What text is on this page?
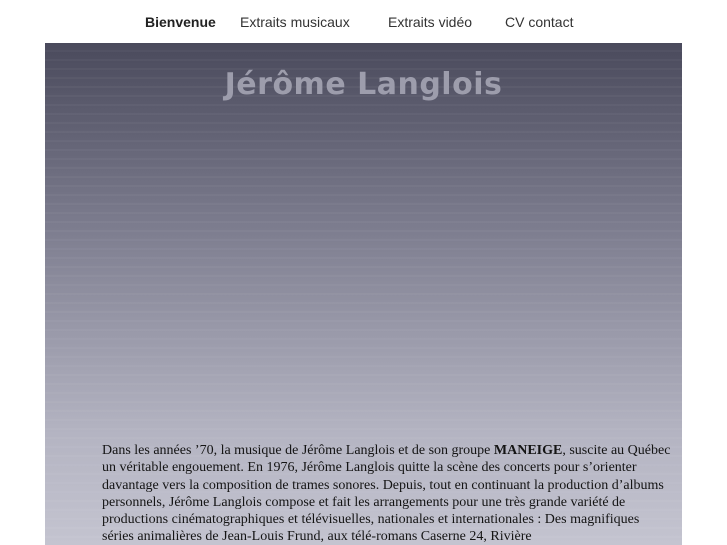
Bienvenue Extraits musicaux	Extraits vidéo CV contact
Jérôme Langlois

Dans les années ’70, la musique de Jérôme Langlois et de son groupe MANEIGE, suscite au Québec un véritable engouement. En 1976, Jérôme Langlois quitte la scène des concerts pour s’orienter davantage vers la composition de trames sonores. Depuis, tout en continuant la production d’albums personnels, Jérôme Langlois compose et fait les arrangements pour une très grande variété de productions cinématographiques et télévisuelles, nationales et internationales : Des magnifiques séries animalières de Jean-Louis Frund, aux télé-romans Caserne 24, Rivière
